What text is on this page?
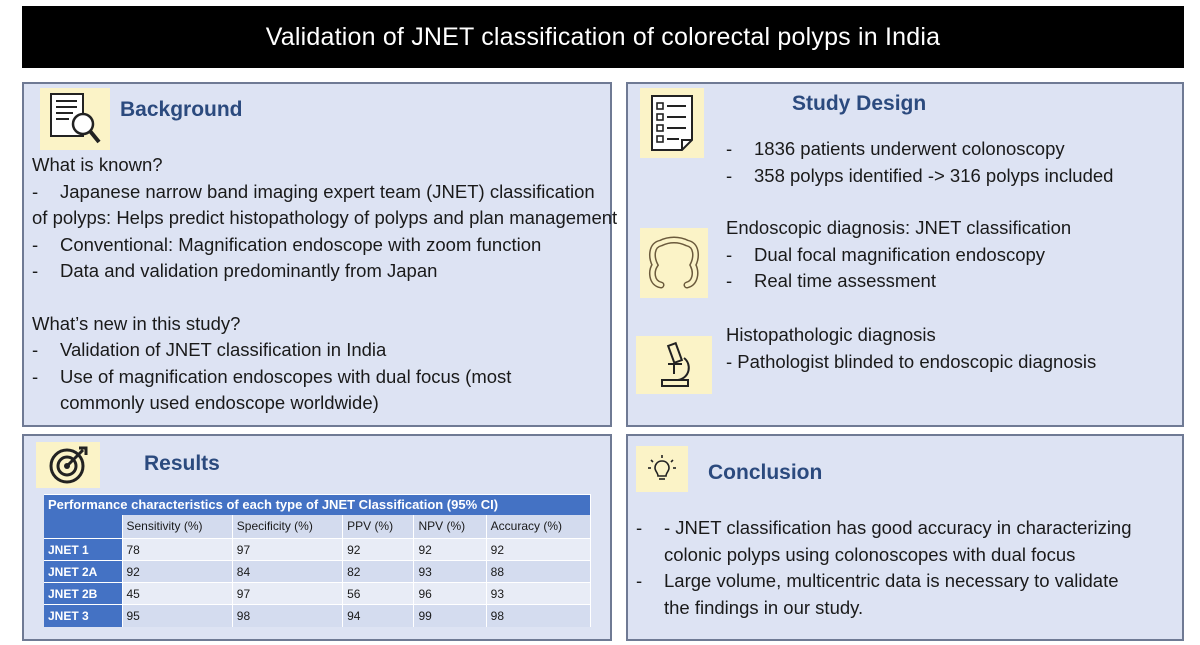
Validation of JNET classification of colorectal polyps in India
Background
What is known?
-	Japanese narrow band imaging expert team (JNET) classification
of polyps: Helps predict histopathology of polyps and plan management
-	Conventional: Magnification endoscope with zoom function
-	Data and validation predominantly from Japan
What’s new in this study?
-	Validation of JNET classification in India
-	Use of magnification endoscopes with dual focus (most
commonly used endoscope worldwide)
Study Design
-	1836 patients underwent colonoscopy
-	358 polyps identified -> 316 polyps included
Endoscopic diagnosis: JNET classification
-	Dual focal magnification endoscopy
-	Real time assessment
Histopathologic diagnosis
- Pathologist blinded to endoscopic diagnosis
Results
Performance characteristics of each type of JNET Classification (95% CI)					
	Sensitivity (%)	Specificity (%)	PPV (%)	NPV (%)	Accuracy (%)
JNET 1	78	97	92	92	92
JNET 2A	92	84	82	93	88
JNET 2B	45	97	56	96	93
JNET 3	95	98	94	99	98
Conclusion
-	- JNET classification has good accuracy in characterizing
colonic polyps using colonoscopes with dual focus
-	Large volume, multicentric data is necessary to validate
the findings in our study.
